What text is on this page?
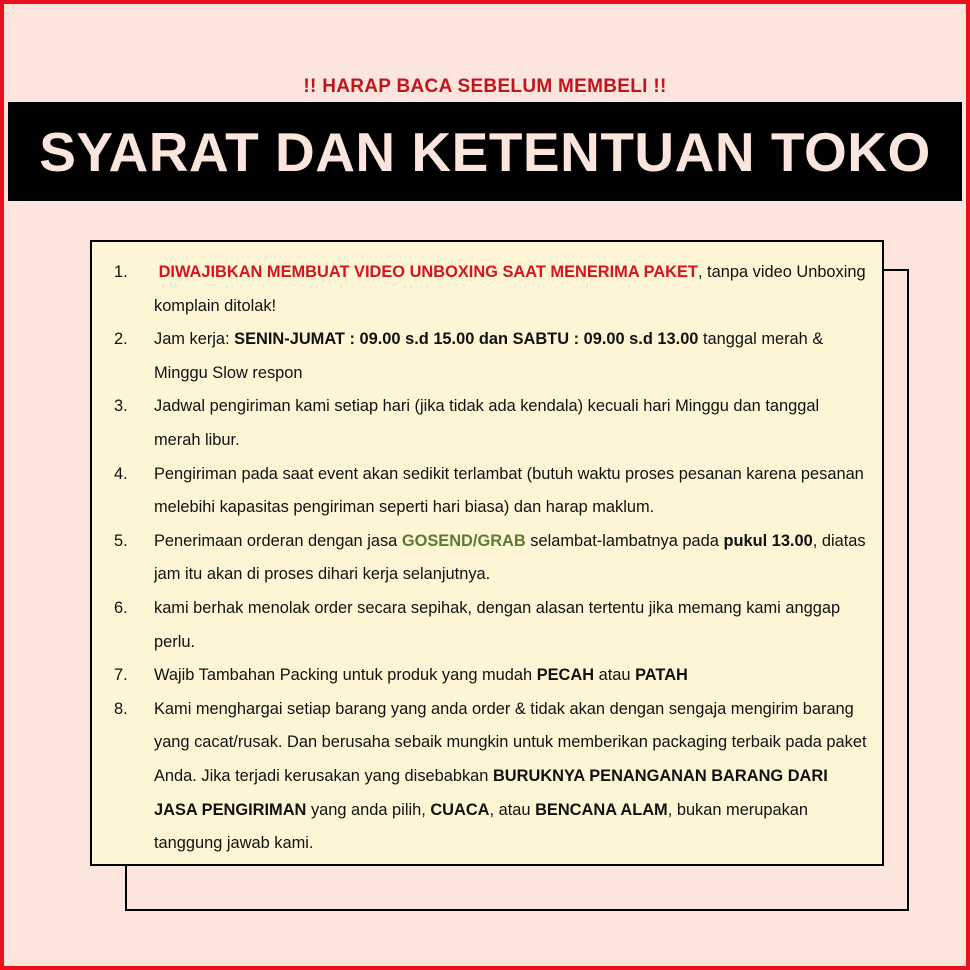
!! HARAP BACA SEBELUM MEMBELI !!
SYARAT DAN KETENTUAN TOKO
1.	DIWAJIBKAN MEMBUAT VIDEO UNBOXING SAAT MENERIMA PAKET, tanpa video Unboxing komplain ditolak!
2.	Jam kerja: SENIN-JUMAT : 09.00 s.d 15.00 dan SABTU : 09.00 s.d 13.00 tanggal merah & Minggu Slow respon
3.	Jadwal pengiriman kami setiap hari (jika tidak ada kendala) kecuali hari Minggu dan tanggal merah libur.
4.	Pengiriman pada saat event akan sedikit terlambat (butuh waktu proses pesanan karena pesanan melebihi kapasitas pengiriman seperti hari biasa) dan harap maklum.
5.	Penerimaan orderan dengan jasa GOSEND/GRAB selambat-lambatnya pada pukul 13.00, diatas jam itu akan di proses dihari kerja selanjutnya.
6.	kami berhak menolak order secara sepihak, dengan alasan tertentu jika memang kami anggap perlu.
7.	Wajib Tambahan Packing untuk produk yang mudah PECAH atau PATAH
8.	Kami menghargai setiap barang yang anda order & tidak akan dengan sengaja mengirim barang yang cacat/rusak. Dan berusaha sebaik mungkin untuk memberikan packaging terbaik pada paket Anda. Jika terjadi kerusakan yang disebabkan BURUKNYA PENANGANAN BARANG DARI JASA PENGIRIMAN yang anda pilih, CUACA, atau BENCANA ALAM, bukan merupakan tanggung jawab kami.
